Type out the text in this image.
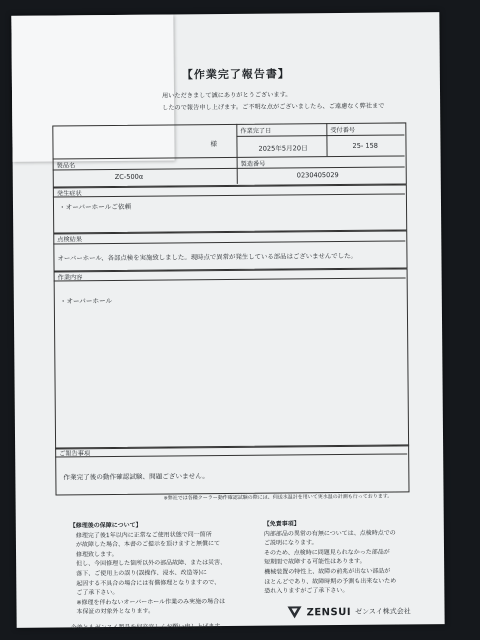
【作業完了報告書】
用いただきまして誠にありがとうございます。
したので報告申し上げます。ご不明な点がございましたら、ご遠慮なく弊社まで
様
作業完了日
2025年5月20日
受付番号
25- 158
製品名
ZC-500α
製造番号
0230405029
発生症状
・オーバーホールご依頼
点検結果
オーバーホール、各部点検を実施致しました。現時点で異常が発生している部品はございませんでした。
作業内容
・オーバーホール
ご報告事項
作業完了後の動作確認試験、問題ございません。
※弊社では各種クーラー動作確認試験の際には、伺送水温計を用いて実水温の計測も行っております。
【修理後の保障について】
修理完了後1年以内に正常なご使用状態で同一箇所
が故障した場合、本書のご提示を頂けますと無償にて
修理致します。
但し、今回修理した箇所以外の部品故障、または災害、
落下、ご使用上の誤り(誤操作、浸水、改造等)に
起因する不具合の場合には有償修理となりますので、
ご了承下さい。
※修理を伴わないオーバーホール作業のみ実施の場合は
本保証の対象外となります。
今後ともゼンスイ製品を何卒宜しくお願い申し上げます。
【免責事項】
内部部品の異常の有無については、点検時点での
ご説明になります。
そのため、点検時に問題見られなかった部品が
短期間で故障する可能性はあります。
機械装置の特性上、故障の前兆が出ない部品が
ほとんどであり、故障時期の予測も出来ないため
恐れ入りますがご了承下さい。
ZENSUI ゼンスイ株式会社
